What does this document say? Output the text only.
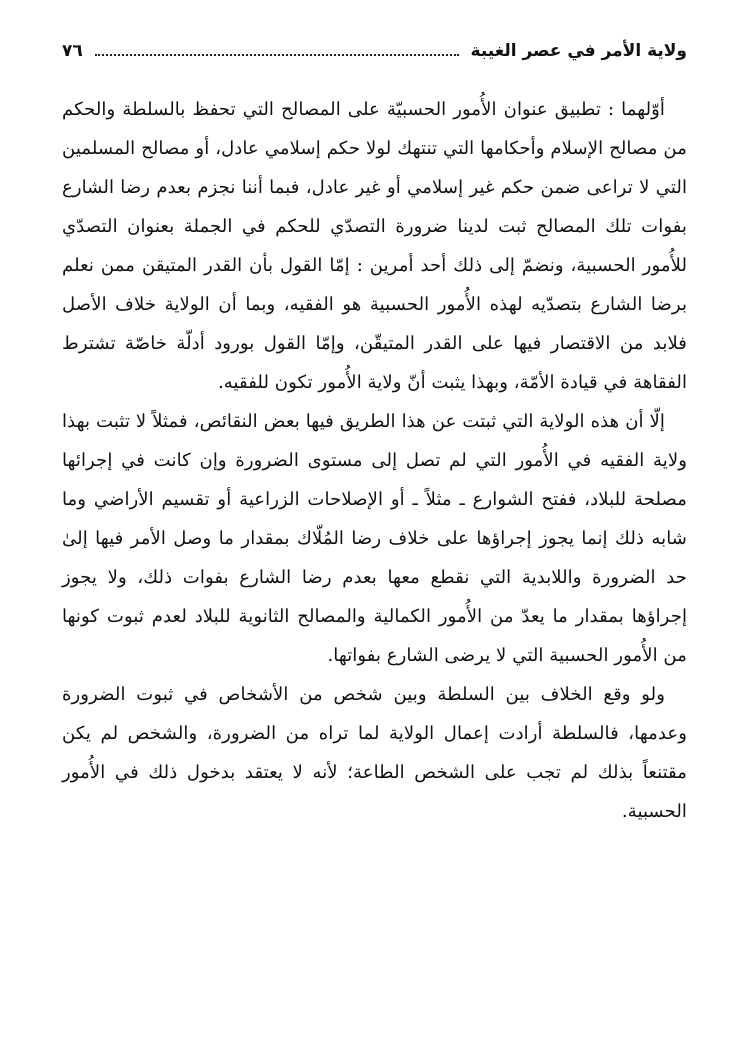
ولاية الأمر في عصر الغيبة
٧٦

أوّلهما : تطبيق عنوان الأُمور الحسبيّة على المصالح التي تحفظ بالسلطة والحكم من مصالح الإسلام وأحكامها التي تنتهك لولا حكم إسلامي عادل، أو مصالح المسلمين التي لا تراعى ضمن حكم غير إسلامي أو غير عادل، فبما أننا نجزم بعدم رضا الشارع بفوات تلك المصالح ثبت لدينا ضرورة التصدّي للحكم في الجملة بعنوان التصدّي للأُمور الحسبية، ونضمّ إلى ذلك أحد أمرين : إمّا القول بأن القدر المتيقن ممن نعلم برضا الشارع بتصدّيه لهذه الأُمور الحسبية هو الفقيه، وبما أن الولاية خلاف الأصل فلابد من الاقتصار فيها على القدر المتيقّن، وإمّا القول بورود أدلّة خاصّة تشترط الفقاهة في قيادة الأمّة، وبهذا يثبت أنّ ولاية الأُمور تكون للفقيه.

إلّا أن هذه الولاية التي ثبتت عن هذا الطريق فيها بعض النقائص، فمثلاً لا تثبت بهذا ولاية الفقيه في الأُمور التي لم تصل إلى مستوى الضرورة وإن كانت في إجرائها مصلحة للبلاد، ففتح الشوارع ـ مثلاً ـ أو الإصلاحات الزراعية أو تقسيم الأراضي وما شابه ذلك إنما يجوز إجراؤها على خلاف رضا المُلّاك بمقدار ما وصل الأمر فيها إلىٰ حد الضرورة واللابدية التي نقطع معها بعدم رضا الشارع بفوات ذلك، ولا يجوز إجراؤها بمقدار ما يعدّ من الأُمور الكمالية والمصالح الثانوية للبلاد لعدم ثبوت كونها من الأُمور الحسبية التي لا يرضى الشارع بفواتها.

ولو وقع الخلاف بين السلطة وبين شخص من الأشخاص في ثبوت الضرورة وعدمها، فالسلطة أرادت إعمال الولاية لما تراه من الضرورة، والشخص لم يكن مقتنعاً بذلك لم تجب على الشخص الطاعة؛ لأنه لا يعتقد بدخول ذلك في الأُمور الحسبية.
